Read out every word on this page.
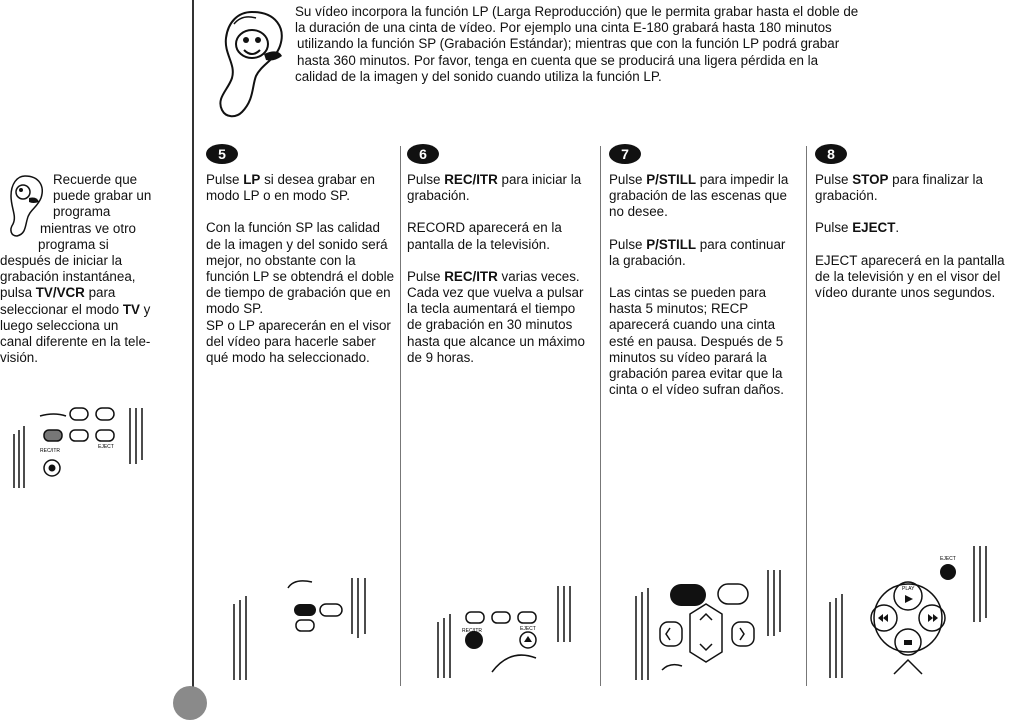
Su vídeo incorpora la función LP (Larga Reproducción) que le permita grabar hasta el doble de

la duración de una cinta de vídeo. Por ejemplo una cinta E-180 grabará hasta 180 minutos

utilizando la función SP (Grabación Estándar); mientras que con la función LP podrá grabar

hasta 360 minutos. Por favor, tenga en cuenta que se producirá una ligera pérdida en la

calidad de la imagen y del sonido cuando utiliza la función LP.

Recuerde que
puede grabar un
programa
mientras ve otro
programa si
después de iniciar la
grabación instantánea,
pulsa TV/VCR para
seleccionar el modo TV y
luego selecciona un
canal diferente en la tele-
visión.
REC/ITR
EJECT
5	6	7	8

Pulse LP si desea grabar en modo LP o en modo SP.

Con la función SP las calidad de la imagen y del sonido será mejor, no obstante con la función LP se obtendrá el doble de tiempo de grabación que en modo SP.

SP o LP aparecerán en el visor del vídeo para hacerle saber qué modo ha seleccionado.

Pulse REC/ITR para iniciar la grabación.

RECORD aparecerá en la pantalla de la televisión.

Pulse REC/ITR varias veces. Cada vez que vuelva a pulsar la tecla aumentará el tiempo de grabación en 30 minutos hasta que alcance un máximo de 9 horas.

Pulse P/STILL para impedir la grabación de las escenas que no desee.

Pulse P/STILL para continuar la grabación.

Las cintas se pueden para hasta 5 minutos; RECP aparecerá cuando una cinta esté en pausa. Después de 5 minutos su vídeo parará la grabación parea evitar que la cinta o el vídeo sufran daños.

Pulse STOP para finalizar la grabación.

Pulse EJECT.

EJECT aparecerá en la pantalla de la televisión y en el visor del vídeo durante unos segundos.

REC/ITR	EJECT
EJECT
PLAY
